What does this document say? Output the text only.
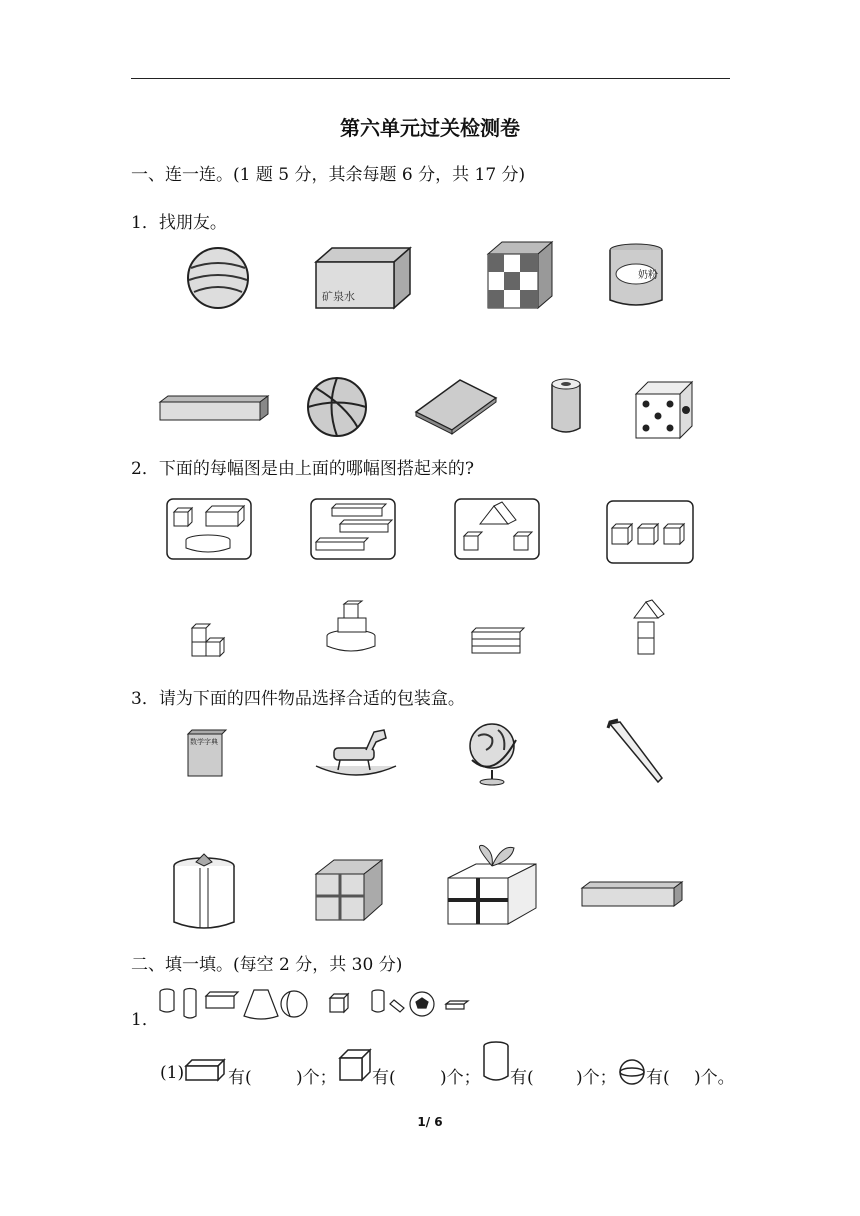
第六单元过关检测卷
一、连一连。(1 题 5 分，其余每题 6 分，共 17 分)
1．找朋友。
矿泉水
奶粉
2．下面的每幅图是由上面的哪幅图搭起来的?
3．请为下面的四件物品选择合适的包装盒。
数学字典
二、填一填。(每空 2 分，共 30 分)
1．
(1)	有(	)个； 有(	)个； 有( )个； 有( )个。
1/ 6
